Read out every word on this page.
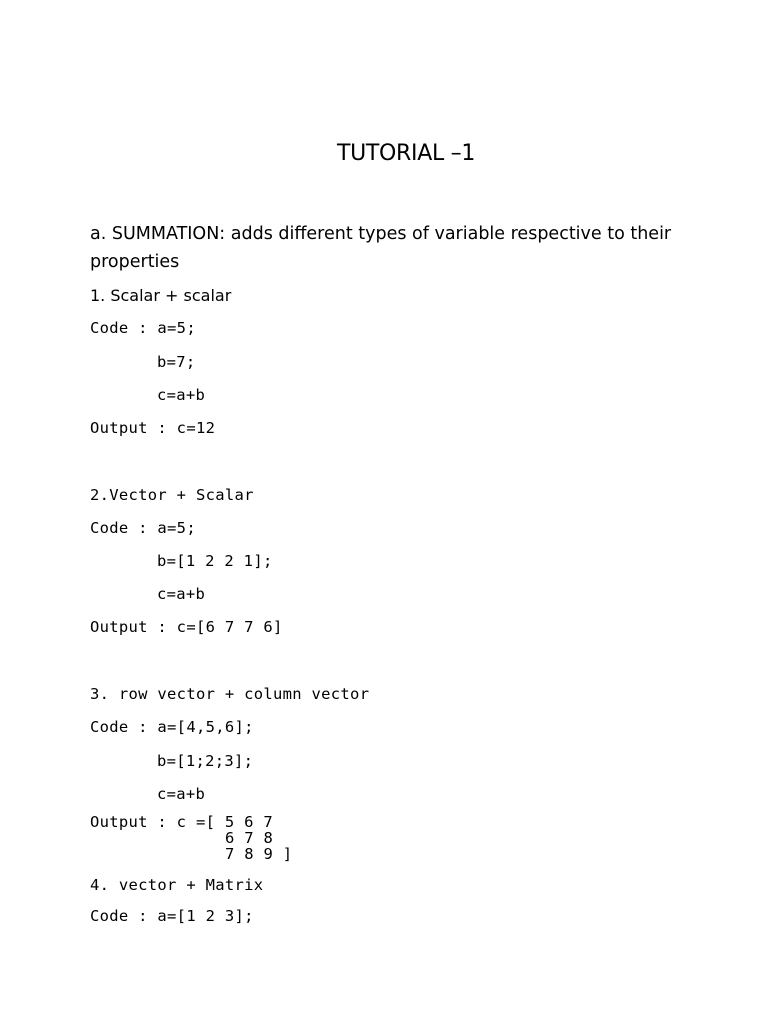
TUTORIAL –1
a. SUMMATION: adds different types of variable respective to their properties
1. Scalar + scalar
Code : a=5;
b=7;
c=a+b
Output : c=12
2.Vector + Scalar
Code : a=5;
b=[1 2 2 1];
c=a+b
Output : c=[6 7 7 6]
3. row vector + column vector
Code : a=[4,5,6];
b=[1;2;3];
c=a+b
Output : c =[ 5 6 7
6 7 8
7 8 9 ]
4. vector + Matrix
Code : a=[1 2 3];
